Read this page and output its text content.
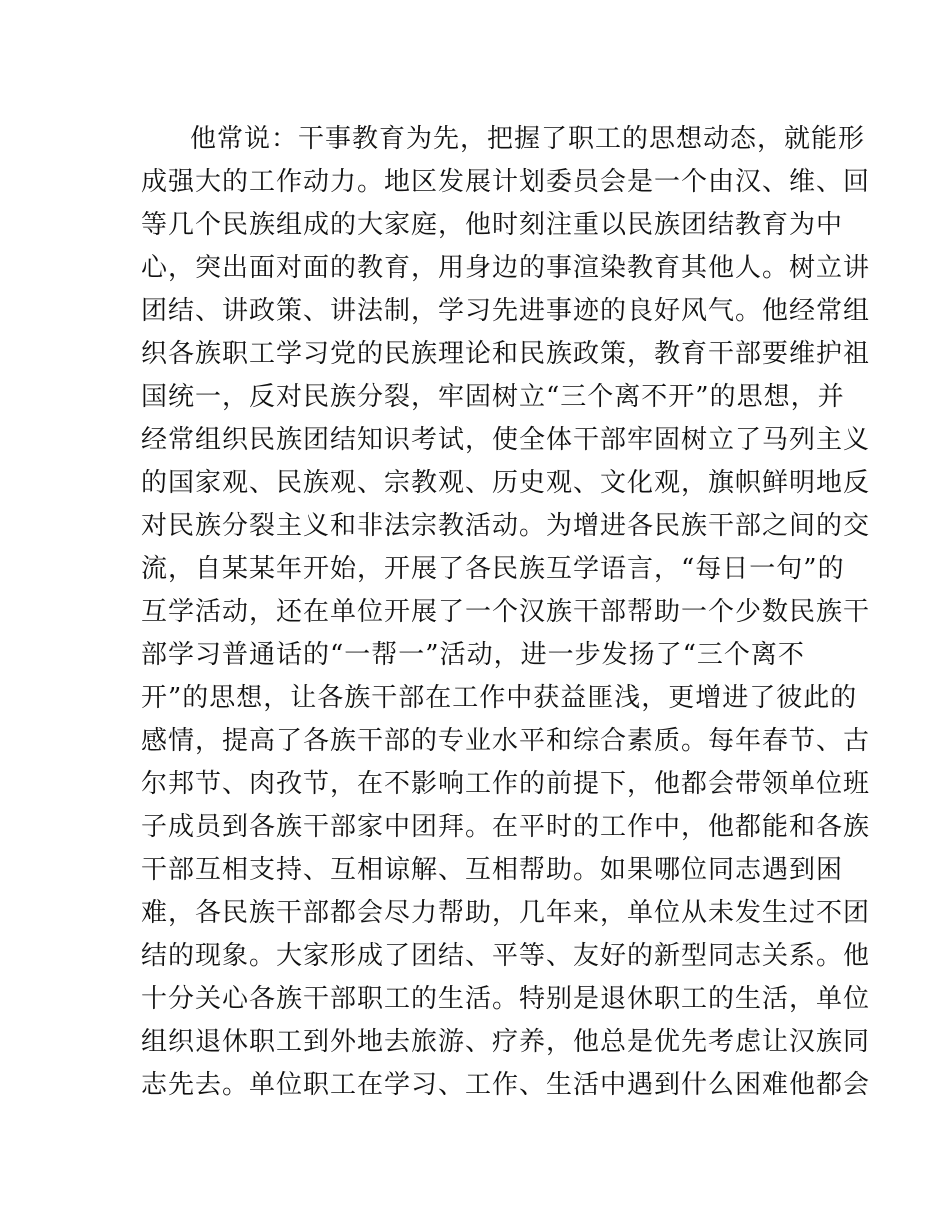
他常说：干事教育为先，把握了职工的思想动态，就能形
成强大的工作动力。地区发展计划委员会是一个由汉、维、回
等几个民族组成的大家庭，他时刻注重以民族团结教育为中
心，突出面对面的教育，用身边的事渲染教育其他人。树立讲
团结、讲政策、讲法制，学习先进事迹的良好风气。他经常组
织各族职工学习党的民族理论和民族政策，教育干部要维护祖
国统一，反对民族分裂，牢固树立“三个离不开”的思想，并
经常组织民族团结知识考试，使全体干部牢固树立了马列主义
的国家观、民族观、宗教观、历史观、文化观，旗帜鲜明地反
对民族分裂主义和非法宗教活动。为增进各民族干部之间的交
流，自某某年开始，开展了各民族互学语言，“每日一句”的
互学活动，还在单位开展了一个汉族干部帮助一个少数民族干
部学习普通话的“一帮一”活动，进一步发扬了“三个离不
开”的思想，让各族干部在工作中获益匪浅，更增进了彼此的
感情，提高了各族干部的专业水平和综合素质。每年春节、古
尔邦节、肉孜节，在不影响工作的前提下，他都会带领单位班
子成员到各族干部家中团拜。在平时的工作中，他都能和各族
干部互相支持、互相谅解、互相帮助。如果哪位同志遇到困
难，各民族干部都会尽力帮助，几年来，单位从未发生过不团
结的现象。大家形成了团结、平等、友好的新型同志关系。他
十分关心各族干部职工的生活。特别是退休职工的生活，单位
组织退休职工到外地去旅游、疗养，他总是优先考虑让汉族同
志先去。单位职工在学习、工作、生活中遇到什么困难他都会
